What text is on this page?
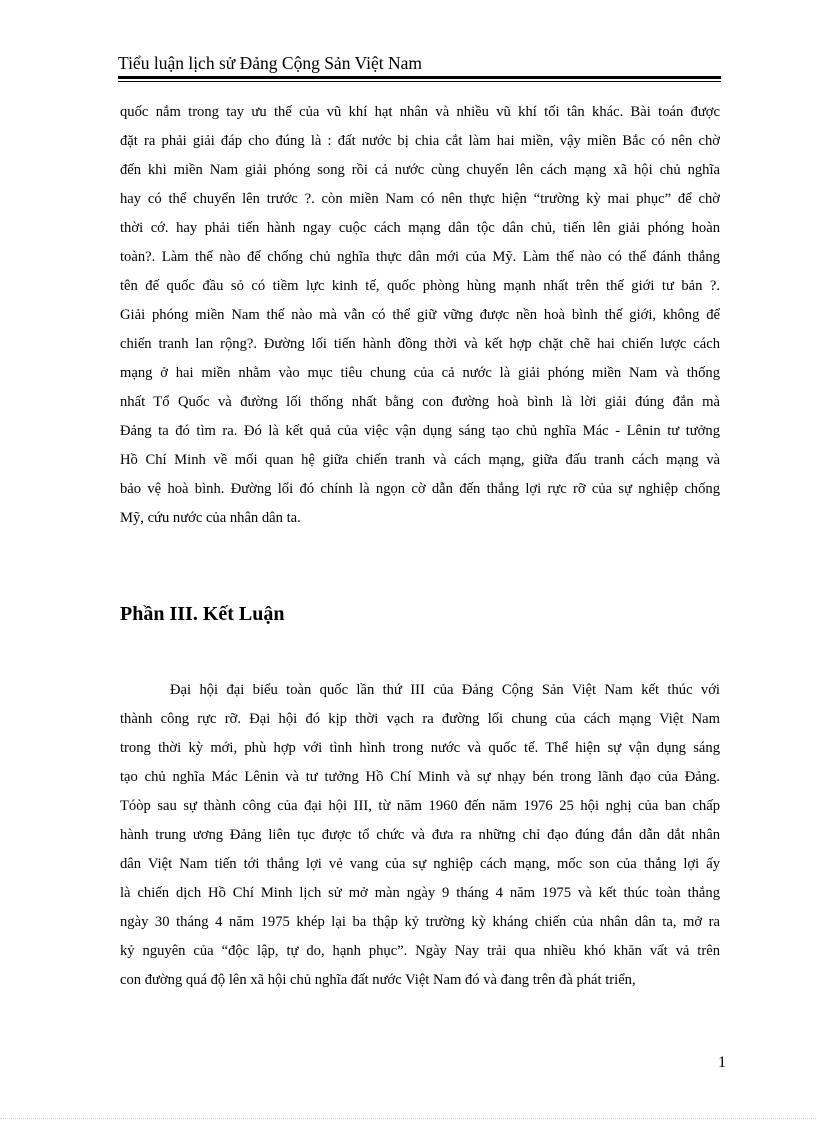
Tiểu luận lịch sử Đảng Cộng Sản Việt Nam
quốc nắm trong tay ưu thế của vũ khí hạt nhân và nhiều vũ khí tối tân khác. Bài toán được
đặt ra phải giải đáp cho đúng là : đất nước bị chia cắt làm hai miền, vậy miền Bắc có nên chờ
đến khi miền Nam giải phóng song rồi cả nước cùng chuyển lên cách mạng xã hội chủ nghĩa
hay có thể chuyển lên trước ?. còn miền Nam có nên thực hiện “trường kỳ mai phục” để chờ
thời cớ. hay phải tiến hành ngay cuộc cách mạng dân tộc dân chủ, tiến lên giải phóng hoàn
toàn?. Làm thế nào để chống chủ nghĩa thực dân mới của Mỹ. Làm thế nào có thể đánh thắng
tên đế quốc đầu sỏ có tiềm lực kinh tế, quốc phòng hùng mạnh nhất trên thế giới tư bản ?.
Giải phóng miền Nam thế nào mà vẫn có thể giữ vững được nền hoà bình thế giới, không để
chiến tranh lan rộng?. Đường lối tiến hành đồng thời và kết hợp chặt chẽ hai chiến lược cách
mạng ở hai miền nhằm vào mục tiêu chung của cả nước là giải phóng miền Nam và thống
nhất Tổ Quốc và đường lối thống nhất bằng con đường hoà bình là lời giải đúng đắn mà
Đảng ta đó tìm ra. Đó là kết quả của việc vận dụng sáng tạo chủ nghĩa Mác - Lênin tư tưởng
Hồ Chí Minh về mối quan hệ giữa chiến tranh và cách mạng, giữa đấu tranh cách mạng và
bảo vệ hoà bình. Đường lối đó chính là ngọn cờ dẫn đến thắng lợi rực rỡ của sự nghiệp chống
Mỹ, cứu nước của nhân dân ta.
Phần III. Kết Luận
Đại hội đại biểu toàn quốc lần thứ III của Đảng Cộng Sản Việt Nam kết thúc với
thành công rực rỡ. Đại hội đó kịp thời vạch ra đường lối chung của cách mạng Việt Nam
trong thời kỳ mới, phù hợp với tình hình trong nước và quốc tế. Thể hiện sự vận dụng sáng
tạo chủ nghĩa Mác Lênin và tư tưởng Hồ Chí Minh và sự nhạy bén trong lãnh đạo của Đảng.
Tóòp sau sự thành công của đại hội III, từ năm 1960 đến năm 1976 25 hội nghị của ban chấp
hành trung ương Đảng liên tục được tổ chức và đưa ra những chỉ đạo đúng đắn dẫn dắt nhân
dân Việt Nam tiến tới thắng lợi vẻ vang của sự nghiệp cách mạng, mốc son của thắng lợi ấy
là chiến dịch Hồ Chí Minh lịch sử mở màn ngày 9 tháng 4 năm 1975 và kết thúc toàn thắng
ngày 30 tháng 4 năm 1975 khép lại ba thập kỷ trường kỳ kháng chiến của nhân dân ta, mở ra
kỷ nguyên của “độc lập, tự do, hạnh phục”. Ngày Nay trải qua nhiều khó khăn vất vả trên
con đường quá độ lên xã hội chủ nghĩa đất nước Việt Nam đó và đang trên đà phát triển,
1
